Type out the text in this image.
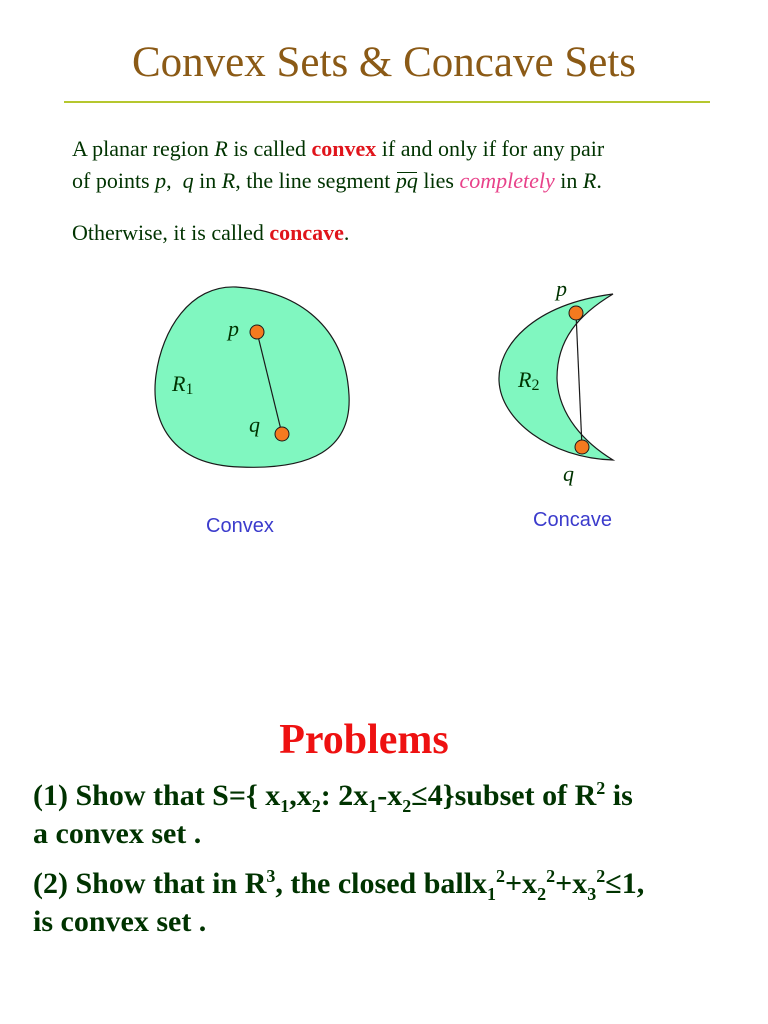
Convex Sets & Concave Sets
A planar region R is called convex if and only if for any pair
of points p,  q in R, the line segment pq lies completely in R.
Otherwise, it is called concave.
p
q
R1
p
q
R2
Convex	Concave
Problems
(1) Show that S={ $x_1,x_2$: $2x_1-x_2\le 4\}subset$ of $R^2$ is
a convex set .
(2) Show that in $R^3$, the closed $ballx_1^2+x_2^2+x_3^2\le 1$,
is convex set .
